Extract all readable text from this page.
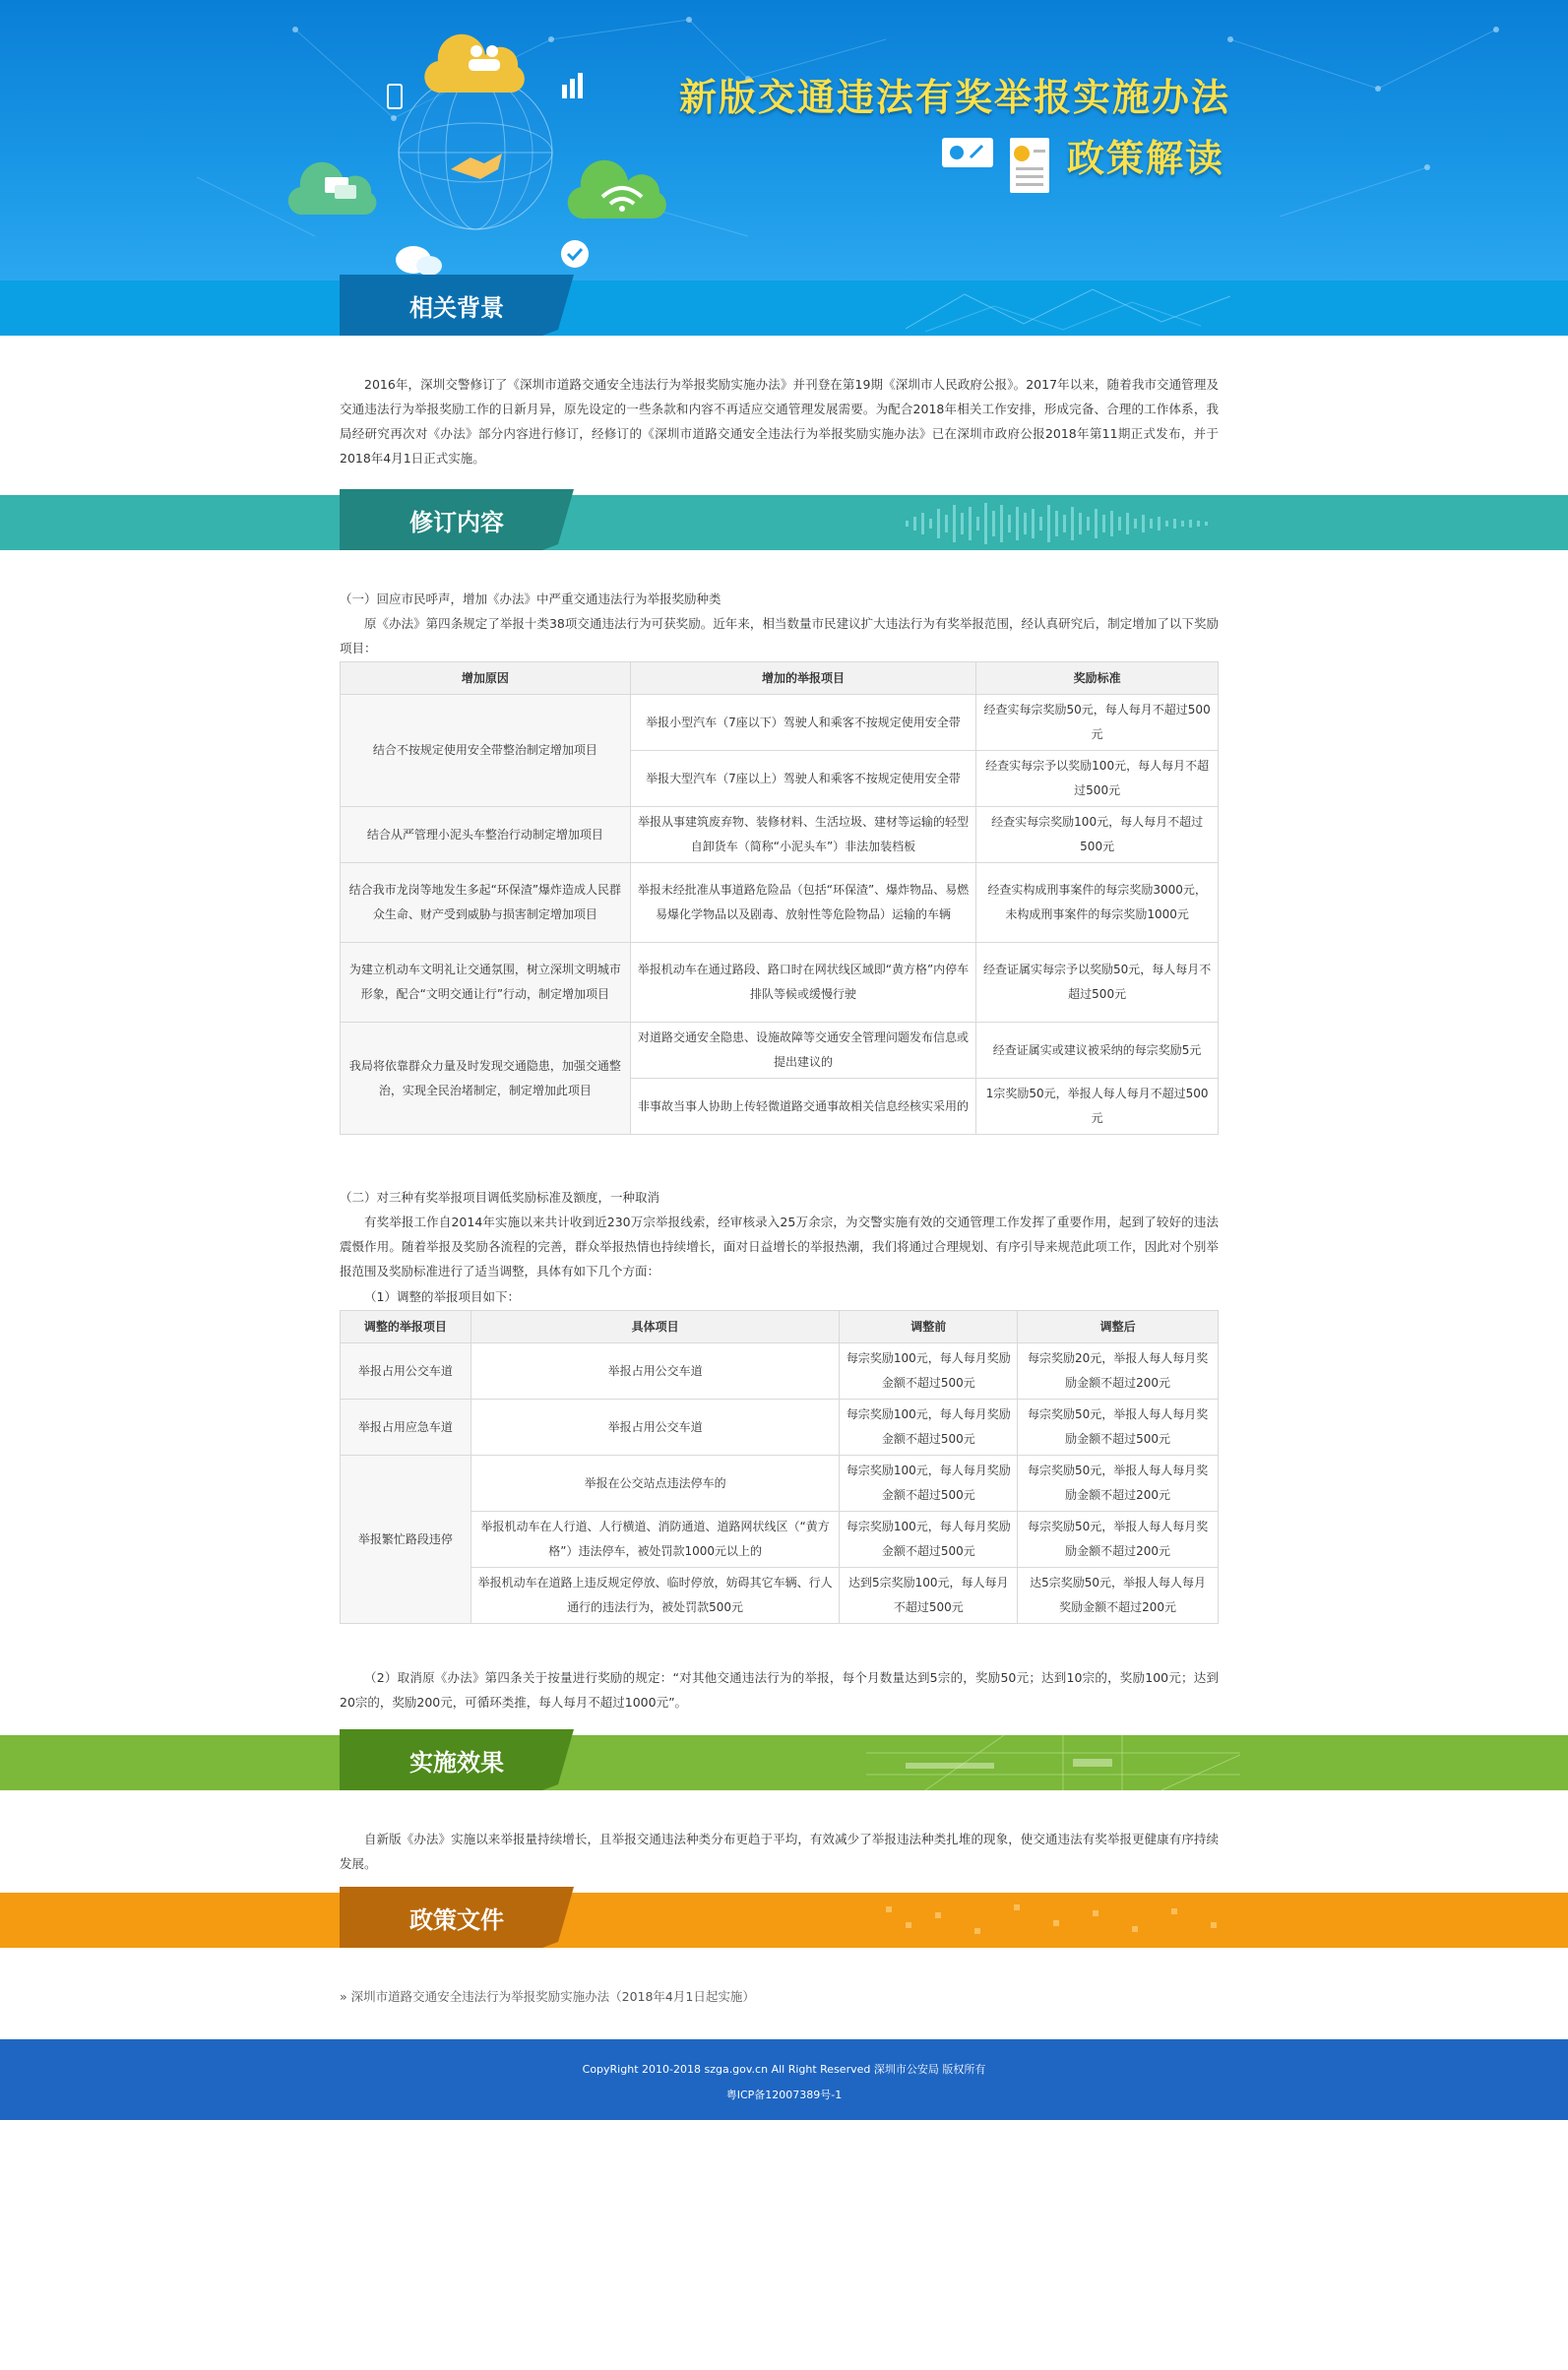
新版交通违法有奖举报实施办法
政策解读
相关背景
2016年，深圳交警修订了《深圳市道路交通安全违法行为举报奖励实施办法》并刊登在第19期《深圳市人民政府公报》。2017年以来，随着我市交通管理及交通违法行为举报奖励工作的日新月异，原先设定的一些条款和内容不再适应交通管理发展需要。为配合2018年相关工作安排，形成完备、合理的工作体系，我局经研究再次对《办法》部分内容进行修订，经修订的《深圳市道路交通安全违法行为举报奖励实施办法》已在深圳市政府公报2018年第11期正式发布，并于2018年4月1日正式实施。
修订内容
（一）回应市民呼声，增加《办法》中严重交通违法行为举报奖励种类
原《办法》第四条规定了举报十类38项交通违法行为可获奖励。近年来，相当数量市民建议扩大违法行为有奖举报范围，经认真研究后，制定增加了以下奖励项目：
增加原因	增加的举报项目	奖励标准
结合不按规定使用安全带整治制定增加项目	举报小型汽车（7座以下）驾驶人和乘客不按规定使用安全带	经查实每宗奖励50元，每人每月不超过500元
	举报大型汽车（7座以上）驾驶人和乘客不按规定使用安全带	经查实每宗予以奖励100元，每人每月不超过500元
结合从严管理小泥头车整治行动制定增加项目	举报从事建筑废弃物、装修材料、生活垃圾、建材等运输的轻型自卸货车（简称“小泥头车”）非法加装档板	经查实每宗奖励100元，每人每月不超过500元
结合我市龙岗等地发生多起“环保渣”爆炸造成人民群众生命、财产受到威胁与损害制定增加项目	举报未经批准从事道路危险品（包括“环保渣”、爆炸物品、易燃易爆化学物品以及剧毒、放射性等危险物品）运输的车辆	经查实构成刑事案件的每宗奖励3000元，未构成刑事案件的每宗奖励1000元
为建立机动车文明礼让交通氛围，树立深圳文明城市形象，配合“文明交通让行”行动，制定增加项目	举报机动车在通过路段、路口时在网状线区域即“黄方格”内停车排队等候或缓慢行驶	经查证属实每宗予以奖励50元，每人每月不超过500元
我局将依靠群众力量及时发现交通隐患，加强交通整治，实现全民治堵制定，制定增加此项目	对道路交通安全隐患、设施故障等交通安全管理问题发布信息或提出建议的	经查证属实或建议被采纳的每宗奖励5元
	非事故当事人协助上传轻微道路交通事故相关信息经核实采用的	1宗奖励50元，举报人每人每月不超过500元
（二）对三种有奖举报项目调低奖励标准及额度，一种取消
有奖举报工作自2014年实施以来共计收到近230万宗举报线索，经审核录入25万余宗，为交警实施有效的交通管理工作发挥了重要作用，起到了较好的违法震慑作用。随着举报及奖励各流程的完善，群众举报热情也持续增长，面对日益增长的举报热潮，我们将通过合理规划、有序引导来规范此项工作，因此对个别举报范围及奖励标准进行了适当调整，具体有如下几个方面：
（1）调整的举报项目如下：
调整的举报项目	具体项目	调整前	调整后
举报占用公交车道	举报占用公交车道	每宗奖励100元，每人每月奖励金额不超过500元	每宗奖励20元，举报人每人每月奖励金额不超过200元
举报占用应急车道	举报占用公交车道	每宗奖励100元，每人每月奖励金额不超过500元	每宗奖励50元，举报人每人每月奖励金额不超过500元
举报繁忙路段违停	举报在公交站点违法停车的	每宗奖励100元，每人每月奖励金额不超过500元	每宗奖励50元，举报人每人每月奖励金额不超过200元
	举报机动车在人行道、人行横道、消防通道、道路网状线区（“黄方格”）违法停车，被处罚款1000元以上的	每宗奖励100元，每人每月奖励金额不超过500元	每宗奖励50元，举报人每人每月奖励金额不超过200元
	举报机动车在道路上违反规定停放、临时停放，妨碍其它车辆、行人通行的违法行为，被处罚款500元	达到5宗奖励100元，每人每月不超过500元	达5宗奖励50元，举报人每人每月奖励金额不超过200元
（2）取消原《办法》第四条关于按量进行奖励的规定：“对其他交通违法行为的举报，每个月数量达到5宗的，奖励50元；达到10宗的，奖励100元；达到20宗的，奖励200元，可循环类推，每人每月不超过1000元”。
实施效果
自新版《办法》实施以来举报量持续增长，且举报交通违法种类分布更趋于平均，有效减少了举报违法种类扎堆的现象，使交通违法有奖举报更健康有序持续发展。
政策文件
» 深圳市道路交通安全违法行为举报奖励实施办法（2018年4月1日起实施）
CopyRight 2010-2018 szga.gov.cn All Right Reserved 深圳市公安局 版权所有
粤ICP备12007389号-1
